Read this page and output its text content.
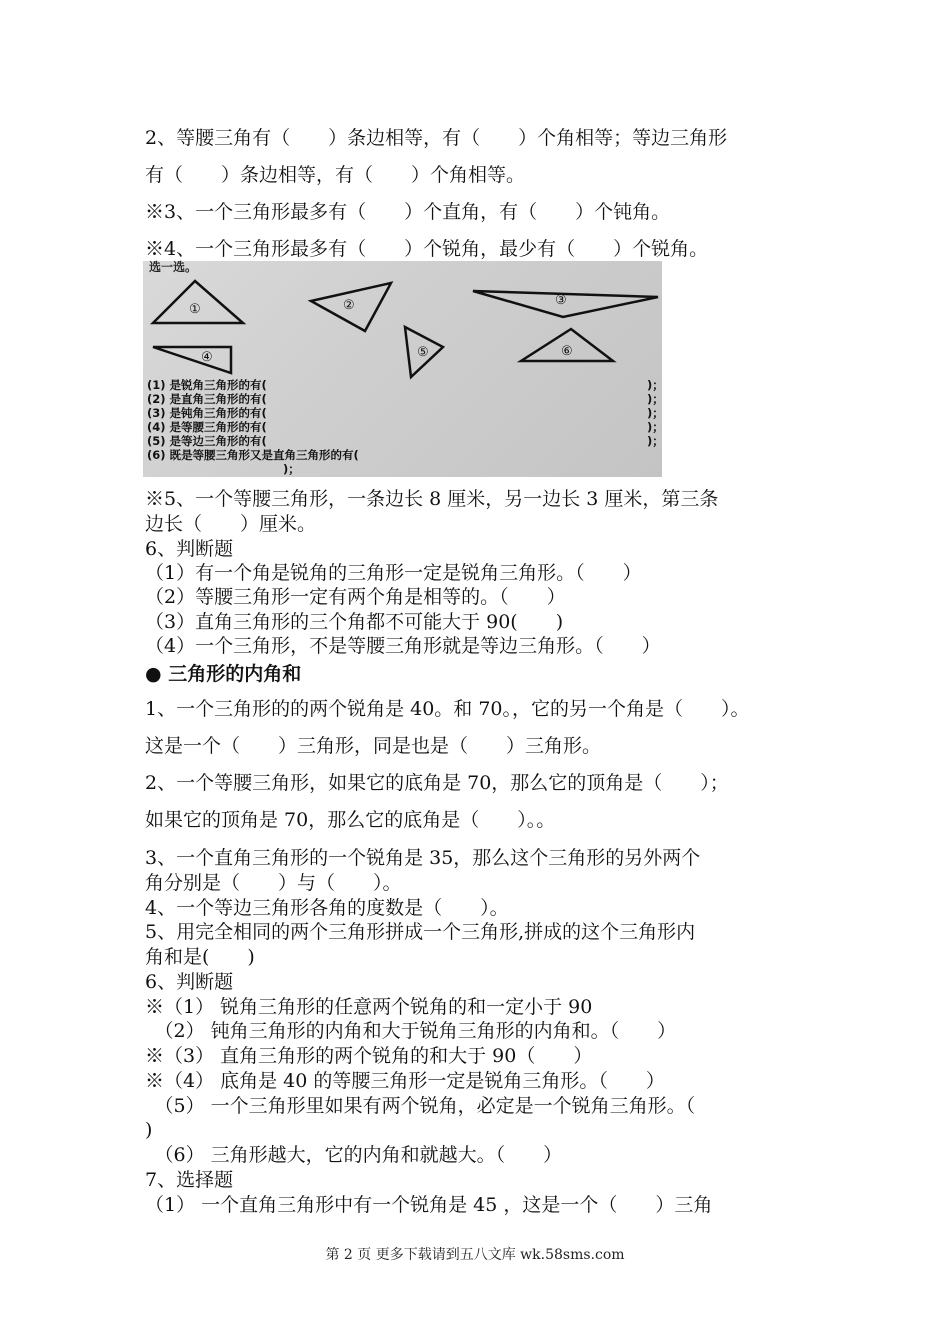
2、等腰三角有（　　）条边相等，有（　　）个角相等；等边三角形
有（　　）条边相等，有（　　）个角相等。
※3、一个三角形最多有（　　）个直角，有（　　）个钝角。
※4、一个三角形最多有（　　）个锐角，最少有（　　）个锐角。
选一选。
①	②	③
④	⑤	⑥
(1) 是锐角三角形的有(
(2) 是直角三角形的有(
(3) 是钝角三角形的有(
(4) 是等腰三角形的有(
(5) 是等边三角形的有(
(6) 既是等腰三角形又是直角三角形的有(
)；
)；
)；
)；
)；
)；
※5、一个等腰三角形，一条边长 8 厘米，另一边长 3 厘米，第三条
边长（　　）厘米。
6、判断题
（1）有一个角是锐角的三角形一定是锐角三角形。（　　）
（2）等腰三角形一定有两个角是相等的。（　　）
（3）直角三角形的三个角都不可能大于 90(　　)
（4）一个三角形，不是等腰三角形就是等边三角形。（　　）
● 三角形的内角和
1、一个三角形的的两个锐角是 40。和 70。，它的另一个角是（　　）。
这是一个（　　）三角形，同是也是（　　）三角形。
2、一个等腰三角形，如果它的底角是 70，那么它的顶角是（　　）；
如果它的顶角是 70，那么它的底角是（　　）。。
3、一个直角三角形的一个锐角是 35，那么这个三角形的另外两个
角分别是（　　）与（　　）。
4、一个等边三角形各角的度数是（　　）。
5、用完全相同的两个三角形拼成一个三角形,拼成的这个三角形内
角和是(　　)
6、判断题
※（1） 锐角三角形的任意两个锐角的和一定小于 90
　（2） 钝角三角形的内角和大于锐角三角形的内角和。（　　）
※（3） 直角三角形的两个锐角的和大于 90（　　）
※（4） 底角是 40 的等腰三角形一定是锐角三角形。（　　）
　（5） 一个三角形里如果有两个锐角，必定是一个锐角三角形。（
)
　（6） 三角形越大，它的内角和就越大。（　　）
7、选择题
（1） 一个直角三角形中有一个锐角是 45 ，这是一个（　　）三角
第 2 页 更多下载请到五八文库 wk.58sms.com
